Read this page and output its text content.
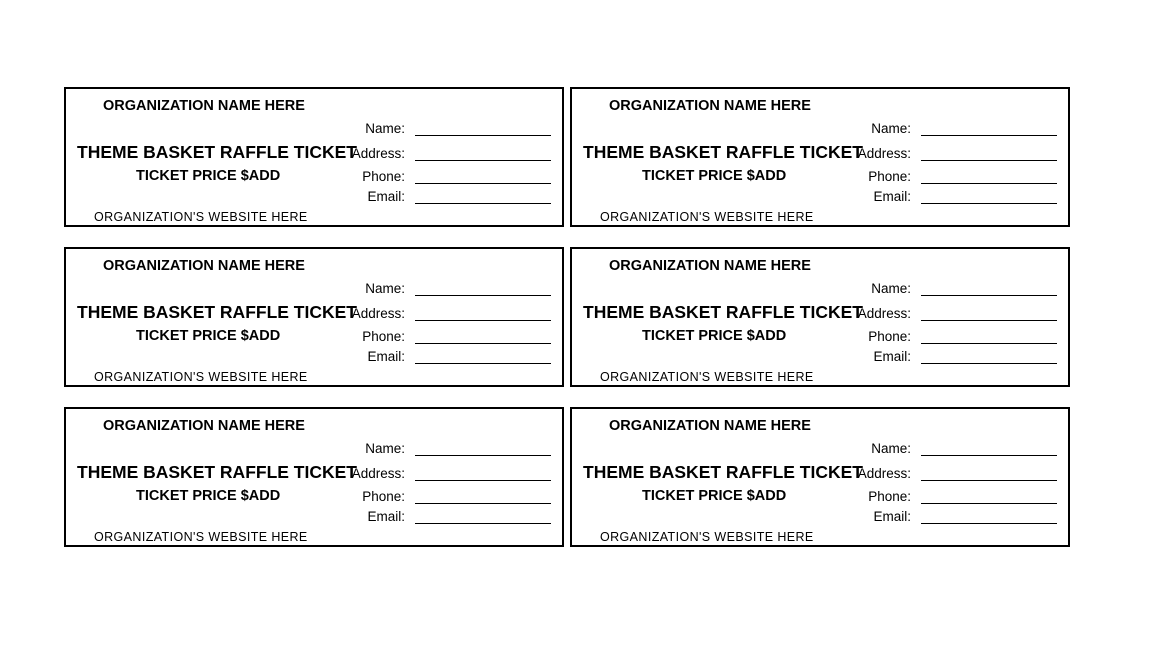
ORGANIZATION NAME HERE
THEME BASKET RAFFLE TICKET
TICKET PRICE $ADD
ORGANIZATION'S WEBSITE HERE
Name:
Address:
Phone:
Email:
ORGANIZATION NAME HERE
THEME BASKET RAFFLE TICKET
TICKET PRICE $ADD
ORGANIZATION'S WEBSITE HERE
Name:
Address:
Phone:
Email:
ORGANIZATION NAME HERE
THEME BASKET RAFFLE TICKET
TICKET PRICE $ADD
ORGANIZATION'S WEBSITE HERE
Name:
Address:
Phone:
Email:
ORGANIZATION NAME HERE
THEME BASKET RAFFLE TICKET
TICKET PRICE $ADD
ORGANIZATION'S WEBSITE HERE
Name:
Address:
Phone:
Email:
ORGANIZATION NAME HERE
THEME BASKET RAFFLE TICKET
TICKET PRICE $ADD
ORGANIZATION'S WEBSITE HERE
Name:
Address:
Phone:
Email:
ORGANIZATION NAME HERE
THEME BASKET RAFFLE TICKET
TICKET PRICE $ADD
ORGANIZATION'S WEBSITE HERE
Name:
Address:
Phone:
Email:
